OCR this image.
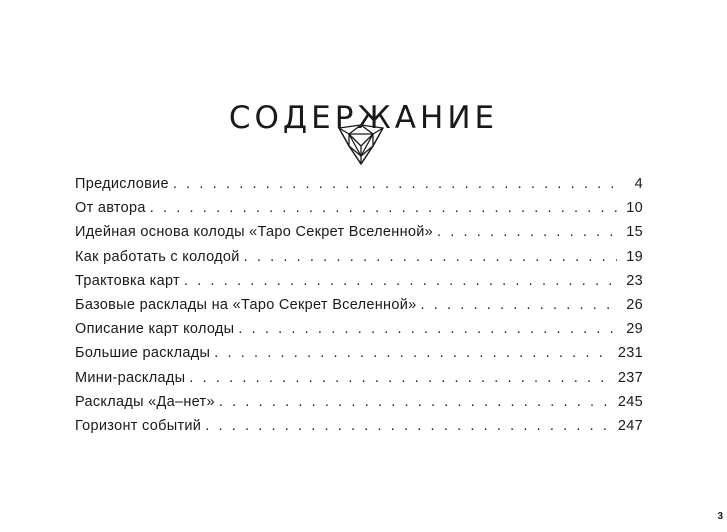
СОДЕРЖАНИЕ
Предисловие . . .	4
От автора . . .	10
Идейная основа колоды «Таро Секрет Вселенной» . . .	15
Как работать с колодой . . .	19
Трактовка карт . . .	23
Базовые расклады на «Таро Секрет Вселенной» . . .	26
Описание карт колоды . . .	29
Большие расклады . . .	231
Мини-расклады . . .	237
Расклады «Да–нет» . . .	245
Горизонт событий . . .	247
3
